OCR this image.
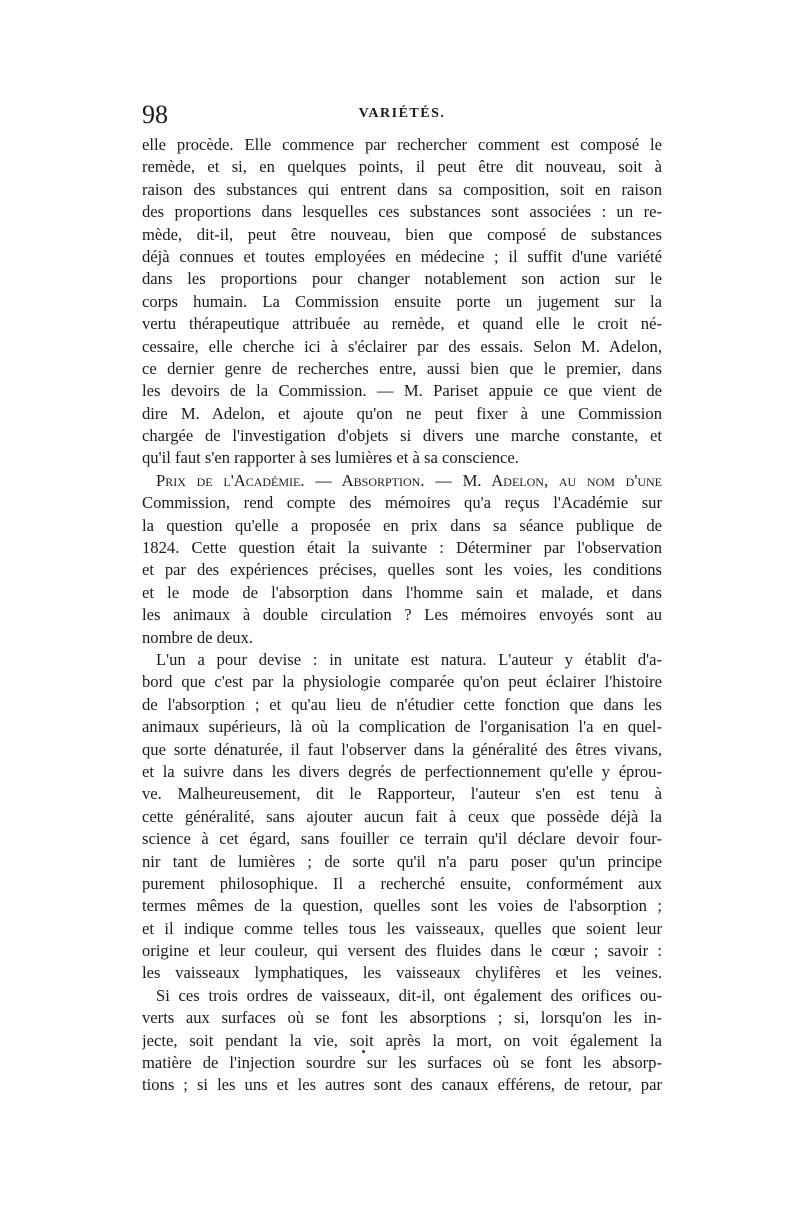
98	VARIÉTÉS.
elle procède. Elle commence par rechercher comment est composé le
remède, et si, en quelques points, il peut être dit nouveau, soit à
raison des substances qui entrent dans sa composition, soit en raison
des proportions dans lesquelles ces substances sont associées : un re-
mède, dit-il, peut être nouveau, bien que composé de substances
déjà connues et toutes employées en médecine ; il suffit d'une variété
dans les proportions pour changer notablement son action sur le
corps humain. La Commission ensuite porte un jugement sur la
vertu thérapeutique attribuée au remède, et quand elle le croit né-
cessaire, elle cherche ici à s'éclairer par des essais. Selon M. Adelon,
ce dernier genre de recherches entre, aussi bien que le premier, dans
les devoirs de la Commission. — M. Pariset appuie ce que vient de
dire M. Adelon, et ajoute qu'on ne peut fixer à une Commission
chargée de l'investigation d'objets si divers une marche constante, et
qu'il faut s'en rapporter à ses lumières et à sa conscience.
Prix de l'Académie. — Absorption. — M. Adelon, au nom d'une
Commission, rend compte des mémoires qu'a reçus l'Académie sur
la question qu'elle a proposée en prix dans sa séance publique de
1824. Cette question était la suivante : Déterminer par l'observation
et par des expériences précises, quelles sont les voies, les conditions
et le mode de l'absorption dans l'homme sain et malade, et dans
les animaux à double circulation ? Les mémoires envoyés sont au
nombre de deux.
L'un a pour devise : in unitate est natura. L'auteur y établit d'a-
bord que c'est par la physiologie comparée qu'on peut éclairer l'histoire
de l'absorption ; et qu'au lieu de n'étudier cette fonction que dans les
animaux supérieurs, là où la complication de l'organisation l'a en quel-
que sorte dénaturée, il faut l'observer dans la généralité des êtres vivans,
et la suivre dans les divers degrés de perfectionnement qu'elle y éprou-
ve. Malheureusement, dit le Rapporteur, l'auteur s'en est tenu à
cette généralité, sans ajouter aucun fait à ceux que possède déjà la
science à cet égard, sans fouiller ce terrain qu'il déclare devoir four-
nir tant de lumières ; de sorte qu'il n'a paru poser qu'un principe
purement philosophique. Il a recherché ensuite, conformément aux
termes mêmes de la question, quelles sont les voies de l'absorption ;
et il indique comme telles tous les vaisseaux, quelles que soient leur
origine et leur couleur, qui versent des fluides dans le cœur ; savoir :
les vaisseaux lymphatiques, les vaisseaux chylifères et les veines.
Si ces trois ordres de vaisseaux, dit-il, ont également des orifices ou-
verts aux surfaces où se font les absorptions ; si, lorsqu'on les in-
jecte, soit pendant la vie, soit après la mort, on voit également la
matière de l'injection sourdre sur les surfaces où se font les absorp-
tions ; si les uns et les autres sont des canaux efférens, de retour, par
